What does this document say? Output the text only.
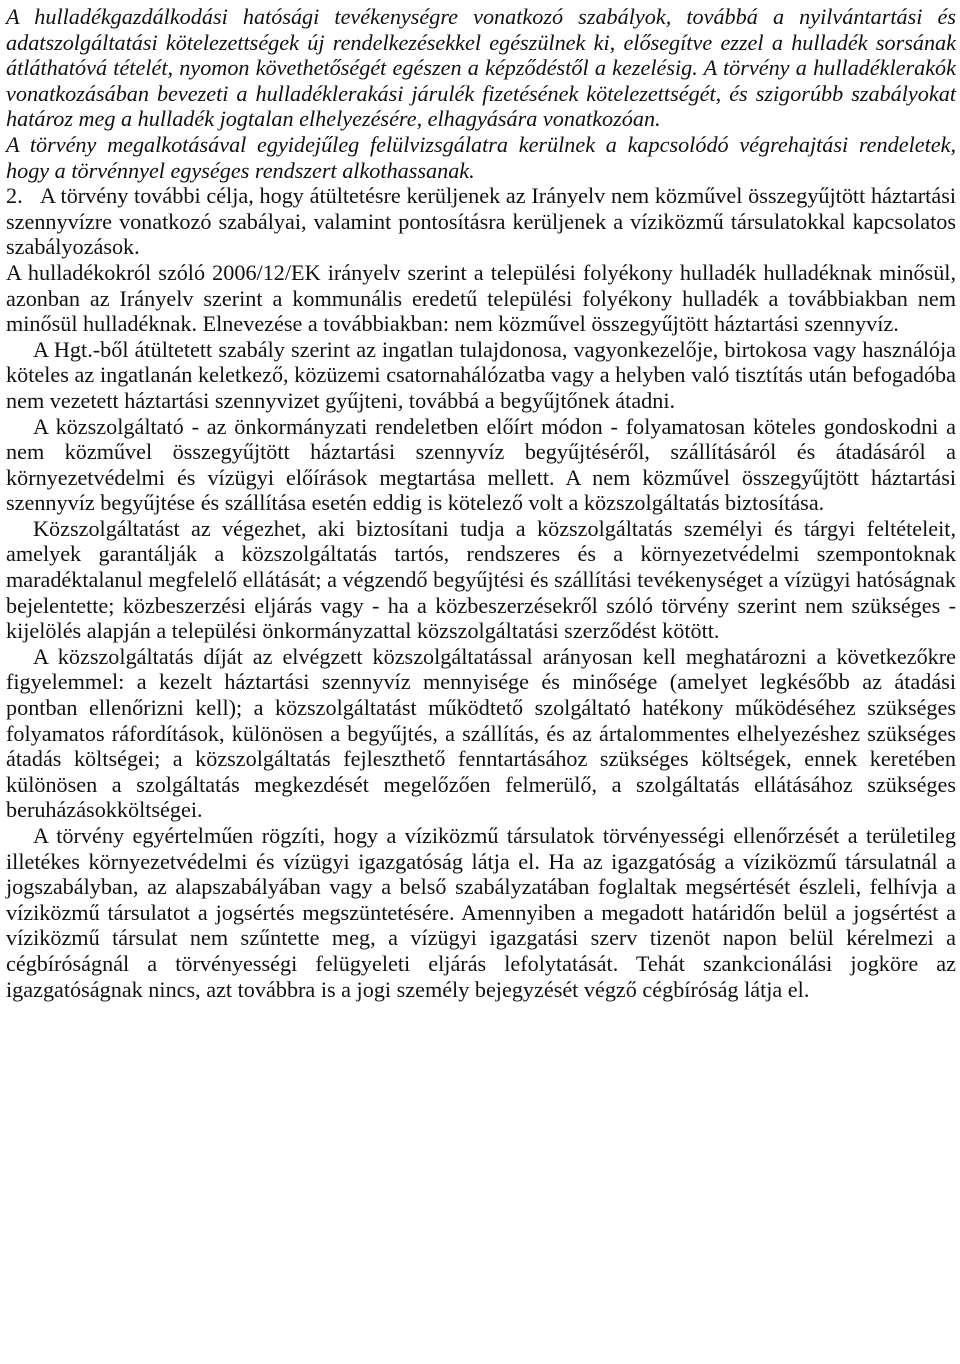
A hulladékgazdálkodási hatósági tevékenységre vonatkozó szabályok, továbbá a nyilvántartási és adatszolgáltatási kötelezettségek új rendelkezésekkel egészülnek ki, elősegítve ezzel a hulladék sorsának átláthatóvá tételét, nyomon követhetőségét egészen a képződéstől a kezelésig. A törvény a hulladéklerakók vonatkozásában bevezeti a hulladéklerakási járulék fizetésének kötelezettségét, és szigorúbb szabályokat határoz meg a hulladék jogtalan elhelyezésére, elhagyására vonatkozóan.

A törvény megalkotásával egyidejűleg felülvizsgálatra kerülnek a kapcsolódó végrehajtási rendeletek, hogy a törvénnyel egységes rendszert alkothassanak.

2. A törvény további célja, hogy átültetésre kerüljenek az Irányelv nem közművel összegyűjtött háztartási szennyvízre vonatkozó szabályai, valamint pontosításra kerüljenek a víziközmű társulatokkal kapcsolatos szabályozások.

A hulladékokról szóló 2006/12/EK irányelv szerint a települési folyékony hulladék hulladéknak minősül, azonban az Irányelv szerint a kommunális eredetű települési folyékony hulladék a továbbiakban nem minősül hulladéknak. Elnevezése a továbbiakban: nem közművel összegyűjtött háztartási szennyvíz.

A Hgt.-ből átültetett szabály szerint az ingatlan tulajdonosa, vagyonkezelője, birtokosa vagy használója köteles az ingatlanán keletkező, közüzemi csatornahálózatba vagy a helyben való tisztítás után befogadóba nem vezetett háztartási szennyvizet gyűjteni, továbbá a begyűjtőnek átadni.

A közszolgáltató - az önkormányzati rendeletben előírt módon - folyamatosan köteles gondoskodni a nem közművel összegyűjtött háztartási szennyvíz begyűjtéséről, szállításáról és átadásáról a környezetvédelmi és vízügyi előírások megtartása mellett. A nem közművel összegyűjtött háztartási szennyvíz begyűjtése és szállítása esetén eddig is kötelező volt a közszolgáltatás biztosítása.

Közszolgáltatást az végezhet, aki biztosítani tudja a közszolgáltatás személyi és tárgyi feltételeit, amelyek garantálják a közszolgáltatás tartós, rendszeres és a környezetvédelmi szempontoknak maradéktalanul megfelelő ellátását; a végzendő begyűjtési és szállítási tevékenységet a vízügyi hatóságnak bejelentette; közbeszerzési eljárás vagy - ha a közbeszerzésekről szóló törvény szerint nem szükséges - kijelölés alapján a települési önkormányzattal közszolgáltatási szerződést kötött.

A közszolgáltatás díját az elvégzett közszolgáltatással arányosan kell meghatározni a következőkre figyelemmel: a kezelt háztartási szennyvíz mennyisége és minősége (amelyet legkésőbb az átadási pontban ellenőrizni kell); a közszolgáltatást működtető szolgáltató hatékony működéséhez szükséges folyamatos ráfordítások, különösen a begyűjtés, a szállítás, és az ártalommentes elhelyezéshez szükséges átadás költségei; a közszolgáltatás fejleszthető fenntartásához szükséges költségek, ennek keretében különösen a szolgáltatás megkezdését megelőzően felmerülő, a szolgáltatás ellátásához szükséges beruházásokköltségei.

A törvény egyértelműen rögzíti, hogy a víziközmű társulatok törvényességi ellenőrzését a területileg illetékes környezetvédelmi és vízügyi igazgatóság látja el. Ha az igazgatóság a víziközmű társulatnál a jogszabályban, az alapszabályában vagy a belső szabályzatában foglaltak megsértését észleli, felhívja a víziközmű társulatot a jogsértés megszüntetésére. Amennyiben a megadott határidőn belül a jogsértést a víziközmű társulat nem szűntette meg, a vízügyi igazgatási szerv tizenöt napon belül kérelmezi a cégbíróságnál a törvényességi felügyeleti eljárás lefolytatását. Tehát szankcionálási jogköre az igazgatóságnak nincs, azt továbbra is a jogi személy bejegyzését végző cégbíróság látja el.
